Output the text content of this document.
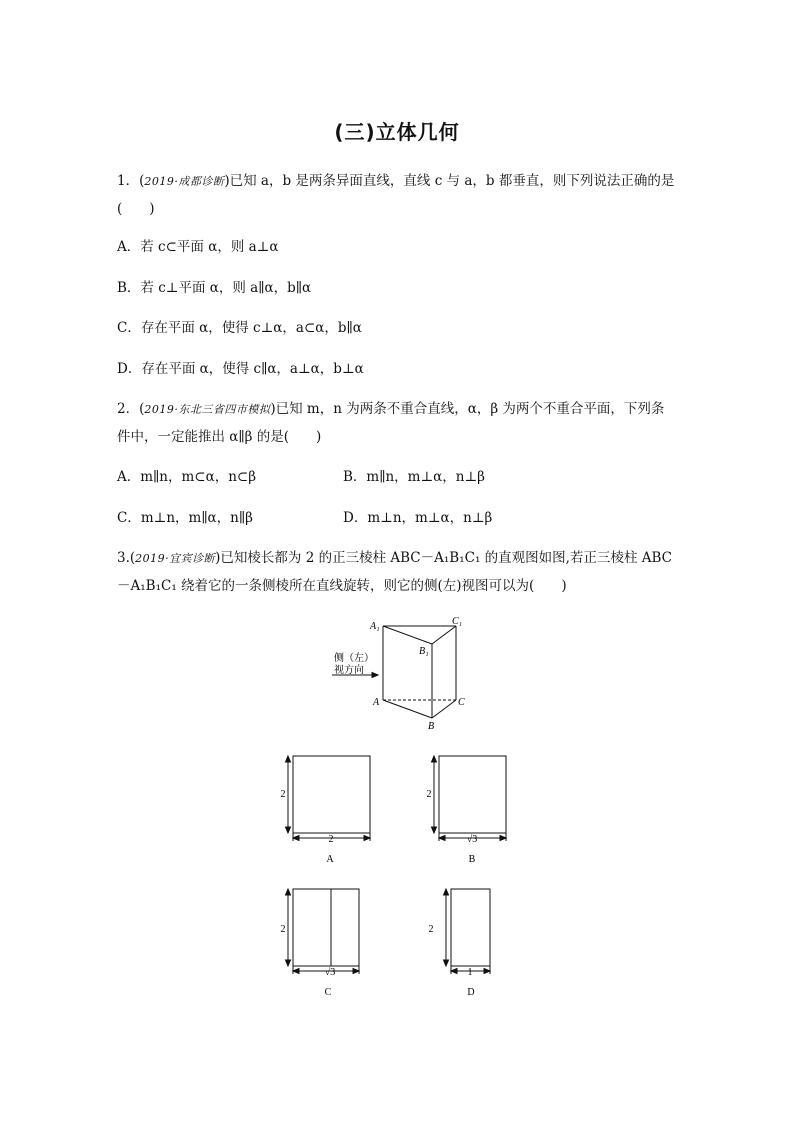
(三)立体几何
1．(2019·成都诊断)已知 a，b 是两条异面直线，直线 c 与 a，b 都垂直，则下列说法正确的是
(　　)
A．若 c⊂平面 α，则 a⊥α
B．若 c⊥平面 α，则 a∥α，b∥α
C．存在平面 α，使得 c⊥α，a⊂α，b∥α
D．存在平面 α，使得 c∥α，a⊥α，b⊥α
2．(2019·东北三省四市模拟)已知 m，n 为两条不重合直线，α，β 为两个不重合平面，下列条
件中，一定能推出 α∥β 的是(　　)
A．m∥n，m⊂α，n⊂β	B．m∥n，m⊥α，n⊥β
C．m⊥n，m∥α，n∥β	D．m⊥n，m⊥α，n⊥β
3.(2019·宜宾诊断)已知棱长都为 2 的正三棱柱 ABC－A₁B₁C₁ 的直观图如图,若正三棱柱 ABC
－A₁B₁C₁ 绕着它的一条侧棱所在直线旋转，则它的侧(左)视图可以为(　　)
A₁	C₁
B₁
A	C
B
侧（左）
视方向
2
2
A
2
√3
B
2
√3
C
2
1
D
